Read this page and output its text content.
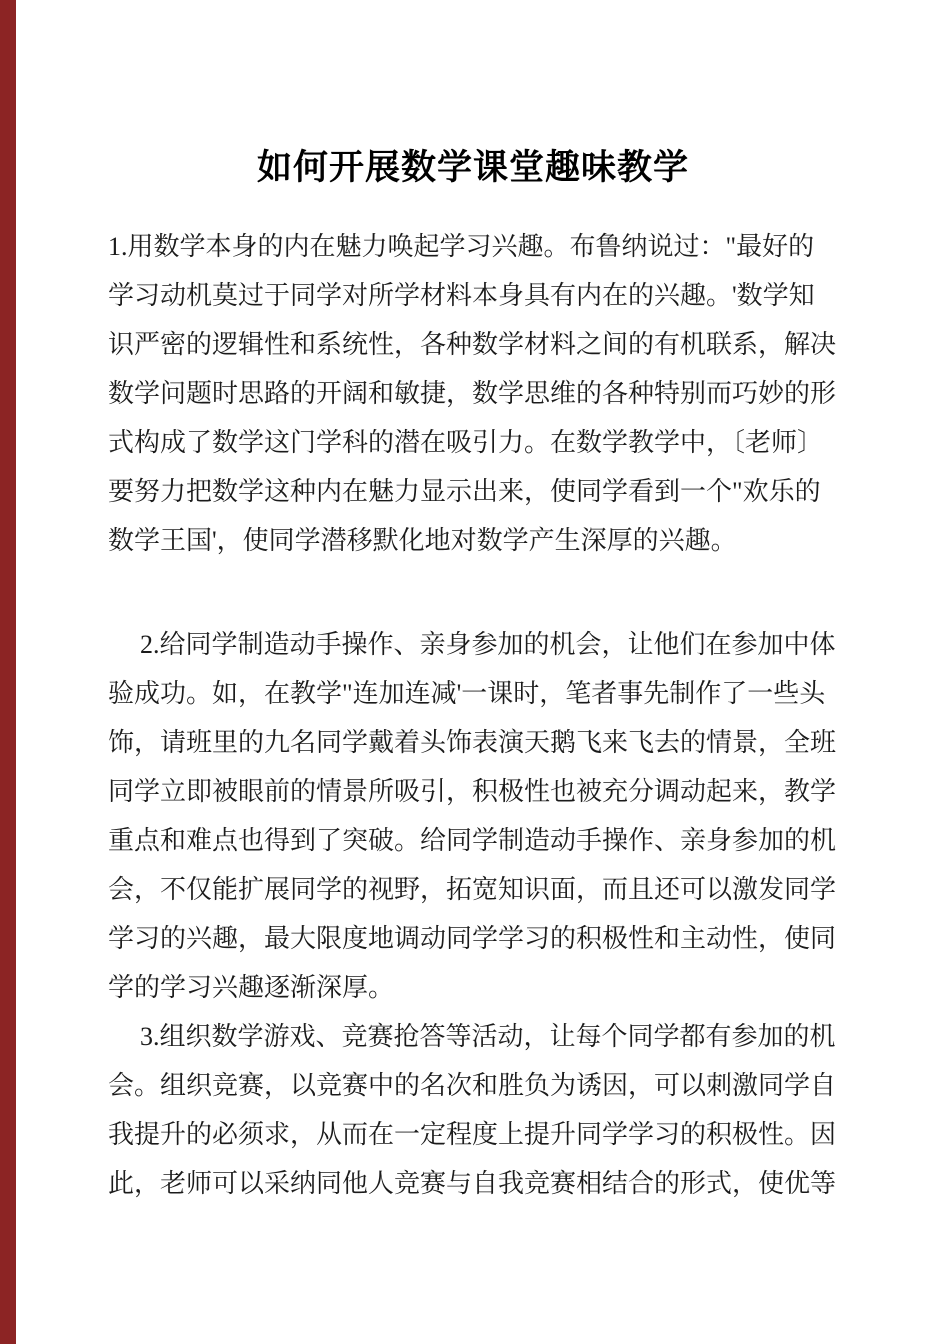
如何开展数学课堂趣味教学
1.用数学本身的内在魅力唤起学习兴趣。布鲁纳说过："最好的
学习动机莫过于同学对所学材料本身具有内在的兴趣。'数学知
识严密的逻辑性和系统性，各种数学材料之间的有机联系，解决
数学问题时思路的开阔和敏捷，数学思维的各种特别而巧妙的形
式构成了数学这门学科的潜在吸引力。在数学教学中，〔老师〕
要努力把数学这种内在魅力显示出来，使同学看到一个"欢乐的
数学王国'，使同学潜移默化地对数学产生深厚的兴趣。
2.给同学制造动手操作、亲身参加的机会，让他们在参加中体
验成功。如，在教学"连加连减'一课时，笔者事先制作了一些头
饰，请班里的九名同学戴着头饰表演天鹅飞来飞去的情景，全班
同学立即被眼前的情景所吸引，积极性也被充分调动起来，教学
重点和难点也得到了突破。给同学制造动手操作、亲身参加的机
会，不仅能扩展同学的视野，拓宽知识面，而且还可以激发同学
学习的兴趣，最大限度地调动同学学习的积极性和主动性，使同
学的学习兴趣逐渐深厚。
3.组织数学游戏、竞赛抢答等活动，让每个同学都有参加的机
会。组织竞赛，以竞赛中的名次和胜负为诱因，可以刺激同学自
我提升的必须求，从而在一定程度上提升同学学习的积极性。因
此，老师可以采纳同他人竞赛与自我竞赛相结合的形式，使优等
